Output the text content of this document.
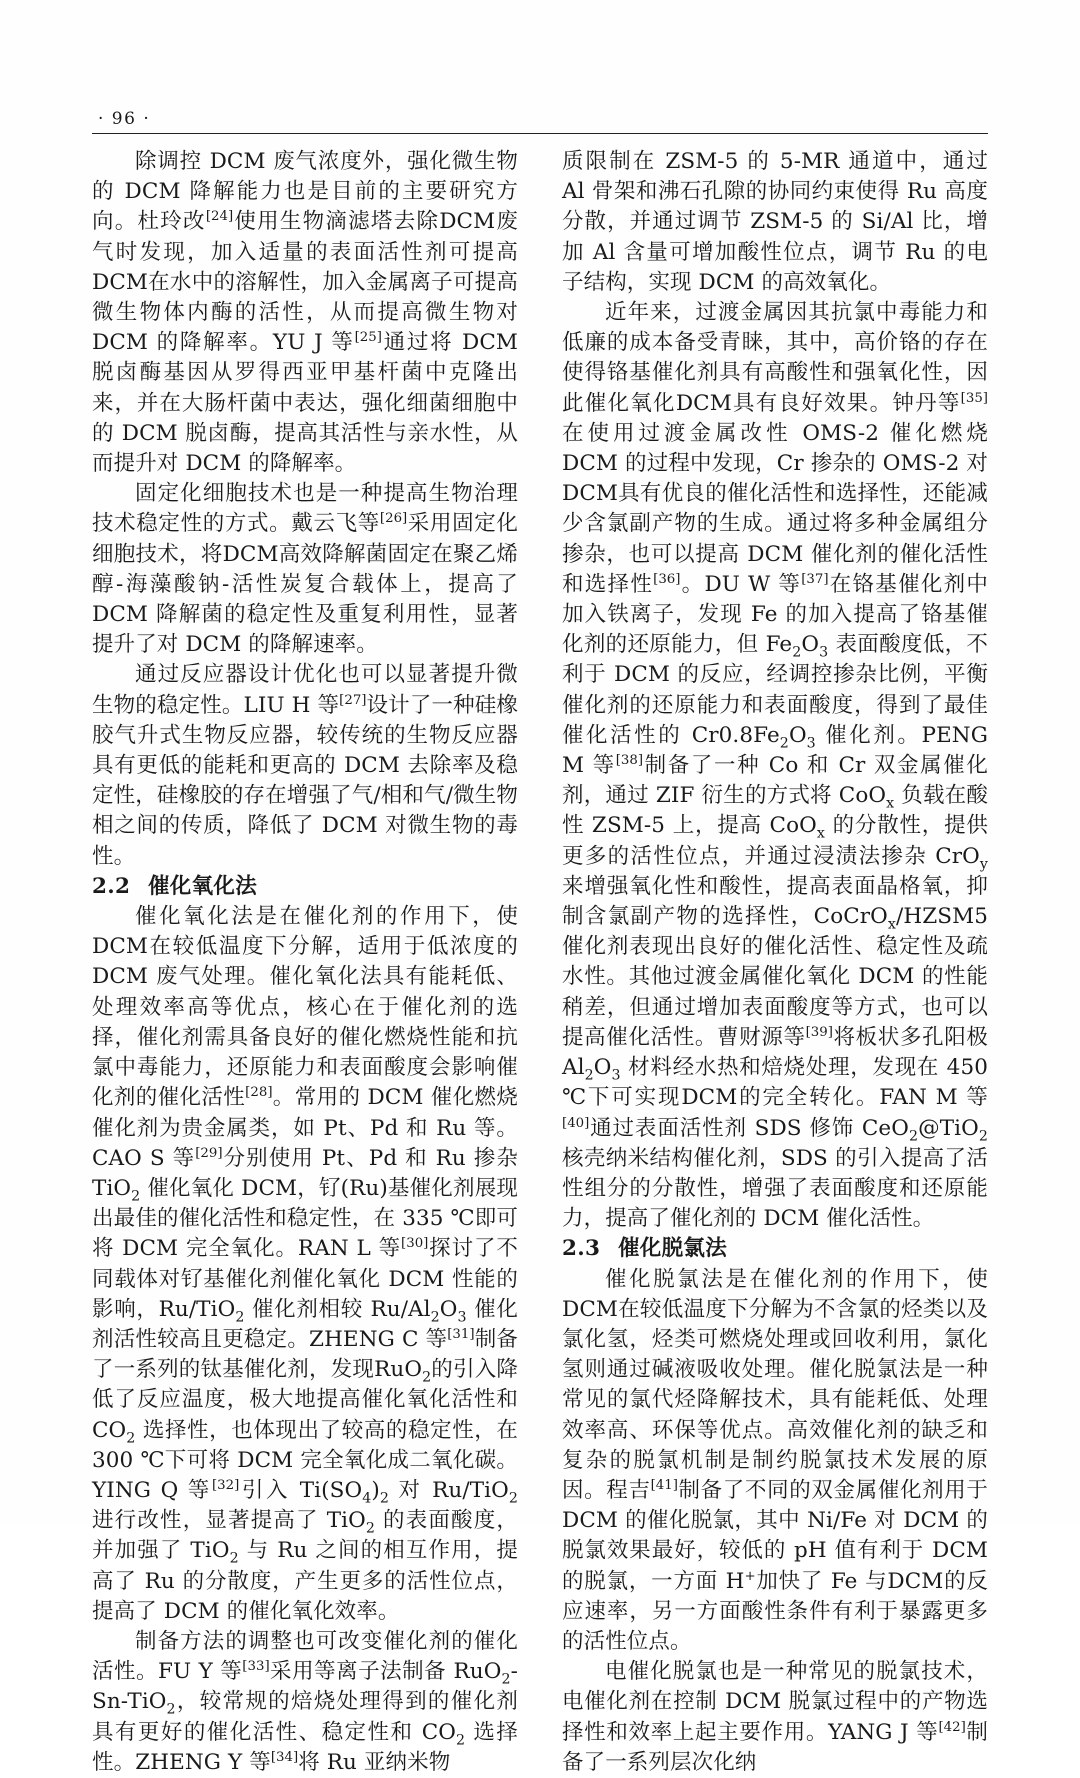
· 96 ·

除调控 DCM 废气浓度外，强化微生物的 DCM 降解能力也是目前的主要研究方向。杜玲改[24]使用生物滴滤塔去除DCM废气时发现，加入适量的表面活性剂可提高DCM在水中的溶解性，加入金属离子可提高微生物体内酶的活性，从而提高微生物对 DCM 的降解率。YU J 等[25]通过将 DCM 脱卤酶基因从罗得西亚甲基杆菌中克隆出来，并在大肠杆菌中表达，强化细菌细胞中的 DCM 脱卤酶，提高其活性与亲水性，从而提升对 DCM 的降解率。

固定化细胞技术也是一种提高生物治理技术稳定性的方式。戴云飞等[26]采用固定化细胞技术，将DCM高效降解菌固定在聚乙烯醇-海藻酸钠-活性炭复合载体上，提高了 DCM 降解菌的稳定性及重复利用性，显著提升了对 DCM 的降解速率。

通过反应器设计优化也可以显著提升微生物的稳定性。LIU H 等[27]设计了一种硅橡胶气升式生物反应器，较传统的生物反应器具有更低的能耗和更高的 DCM 去除率及稳定性，硅橡胶的存在增强了气/相和气/微生物相之间的传质，降低了 DCM 对微生物的毒性。

2.2 催化氧化法

催化氧化法是在催化剂的作用下，使DCM在较低温度下分解，适用于低浓度的 DCM 废气处理。催化氧化法具有能耗低、处理效率高等优点，核心在于催化剂的选择，催化剂需具备良好的催化燃烧性能和抗氯中毒能力，还原能力和表面酸度会影响催化剂的催化活性[28]。常用的 DCM 催化燃烧催化剂为贵金属类，如 Pt、Pd 和 Ru 等。CAO S 等[29]分别使用 Pt、Pd 和 Ru 掺杂 TiO$_2$ 催化氧化 DCM，钌(Ru)基催化剂展现出最佳的催化活性和稳定性，在 335 ℃即可将 DCM 完全氧化。RAN L 等[30]探讨了不同载体对钌基催化剂催化氧化 DCM 性能的影响，Ru/TiO$_2$ 催化剂相较 $Ru/Al_2O_3$ 催化剂活性较高且更稳定。ZHENG C 等[31]制备了一系列的钛基催化剂，发现RuO$_2$的引入降低了反应温度，极大地提高催化氧化活性和 $CO_2$ 选择性，也体现出了较高的稳定性，在 300 ℃下可将 DCM 完全氧化成二氧化碳。YING Q 等[32]引入 $Ti(SO_4)_2$ 对 Ru/TiO$_2$ 进行改性，显著提高了 TiO$_2$ 的表面酸度，并加强了 TiO$_2$ 与 Ru 之间的相互作用，提高了 Ru 的分散度，产生更多的活性位点，提高了 DCM 的催化氧化效率。

制备方法的调整也可改变催化剂的催化活性。FU Y 等[33]采用等离子法制备 RuO$_2$-Sn-TiO$_2$，较常规的焙烧处理得到的催化剂具有更好的催化活性、稳定性和 $CO_2$ 选择性。ZHENG Y 等[34]将 Ru 亚纳米物

质限制在 ZSM-5 的 5-MR 通道中，通过 Al 骨架和沸石孔隙的协同约束使得 Ru 高度分散，并通过调节 ZSM-5 的 Si/Al 比，增加 Al 含量可增加酸性位点，调节 Ru 的电子结构，实现 DCM 的高效氧化。

近年来，过渡金属因其抗氯中毒能力和低廉的成本备受青睐，其中，高价铬的存在使得铬基催化剂具有高酸性和强氧化性，因此催化氧化DCM具有良好效果。钟丹等[35]在使用过渡金属改性 OMS-2 催化燃烧 DCM 的过程中发现，Cr 掺杂的 OMS-2 对DCM具有优良的催化活性和选择性，还能减少含氯副产物的生成。通过将多种金属组分掺杂，也可以提高 DCM 催化剂的催化活性和选择性[36]。DU W 等[37]在铬基催化剂中加入铁离子，发现 Fe 的加入提高了铬基催化剂的还原能力，但 $Fe_2O_3$ 表面酸度低，不利于 DCM 的反应，经调控掺杂比例，平衡催化剂的还原能力和表面酸度，得到了最佳催化活性的 $Cr0.8Fe_2O_3$ 催化剂。PENG M 等[38]制备了一种 Co 和 Cr 双金属催化剂，通过 ZIF 衍生的方式将 CoO$_x$ 负载在酸性 ZSM-5 上，提高 CoO$_x$ 的分散性，提供更多的活性位点，并通过浸渍法掺杂 CrO$_y$ 来增强氧化性和酸性，提高表面晶格氧，抑制含氯副产物的选择性，CoCrO$_x$/HZSM5 催化剂表现出良好的催化活性、稳定性及疏水性。其他过渡金属催化氧化 DCM 的性能稍差，但通过增加表面酸度等方式，也可以提高催化活性。曹财源等[39]将板状多孔阳极 $Al_2O_3$ 材料经水热和焙烧处理，发现在 450 ℃下可实现DCM的完全转化。FAN M 等[40]通过表面活性剂 SDS 修饰 CeO$_2$@TiO$_2$ 核壳纳米结构催化剂，SDS 的引入提高了活性组分的分散性，增强了表面酸度和还原能力，提高了催化剂的 DCM 催化活性。

2.3 催化脱氯法

催化脱氯法是在催化剂的作用下，使DCM在较低温度下分解为不含氯的烃类以及氯化氢，烃类可燃烧处理或回收利用，氯化氢则通过碱液吸收处理。催化脱氯法是一种常见的氯代烃降解技术，具有能耗低、处理效率高、环保等优点。高效催化剂的缺乏和复杂的脱氯机制是制约脱氯技术发展的原因。程吉[41]制备了不同的双金属催化剂用于 DCM 的催化脱氯，其中 Ni/Fe 对 DCM 的脱氯效果最好，较低的 pH 值有利于 DCM 的脱氯，一方面 H+加快了 Fe 与DCM的反应速率，另一方面酸性条件有利于暴露更多的活性位点。

电催化脱氯也是一种常见的脱氯技术，电催化剂在控制 DCM 脱氯过程中的产物选择性和效率上起主要作用。YANG J 等[42]制备了一系列层次化纳
